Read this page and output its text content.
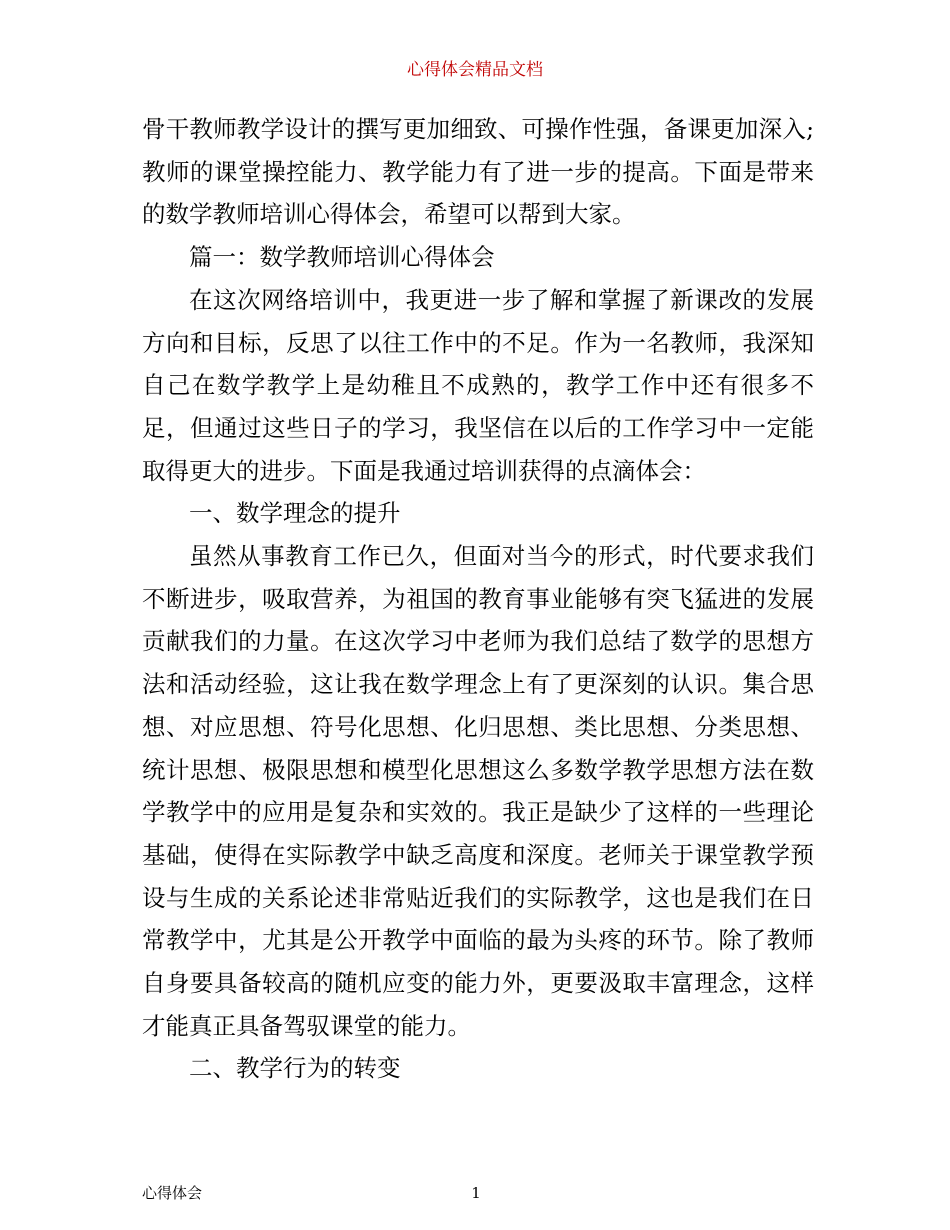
心得体会精品文档

骨干教师教学设计的撰写更加细致、可操作性强，备课更加深入;教师的课堂操控能力、教学能力有了进一步的提高。下面是带来的数学教师培训心得体会，希望可以帮到大家。

篇一：数学教师培训心得体会

在这次网络培训中，我更进一步了解和掌握了新课改的发展方向和目标，反思了以往工作中的不足。作为一名教师，我深知自己在数学教学上是幼稚且不成熟的，教学工作中还有很多不足，但通过这些日子的学习，我坚信在以后的工作学习中一定能取得更大的进步。下面是我通过培训获得的点滴体会：

一、数学理念的提升

虽然从事教育工作已久，但面对当今的形式，时代要求我们不断进步，吸取营养，为祖国的教育事业能够有突飞猛进的发展贡献我们的力量。在这次学习中老师为我们总结了数学的思想方法和活动经验，这让我在数学理念上有了更深刻的认识。集合思想、对应思想、符号化思想、化归思想、类比思想、分类思想、统计思想、极限思想和模型化思想这么多数学教学思想方法在数学教学中的应用是复杂和实效的。我正是缺少了这样的一些理论基础，使得在实际教学中缺乏高度和深度。老师关于课堂教学预设与生成的关系论述非常贴近我们的实际教学，这也是我们在日常教学中，尤其是公开教学中面临的最为头疼的环节。除了教师自身要具备较高的随机应变的能力外，更要汲取丰富理念，这样才能真正具备驾驭课堂的能力。

二、教学行为的转变

心得体会	1
